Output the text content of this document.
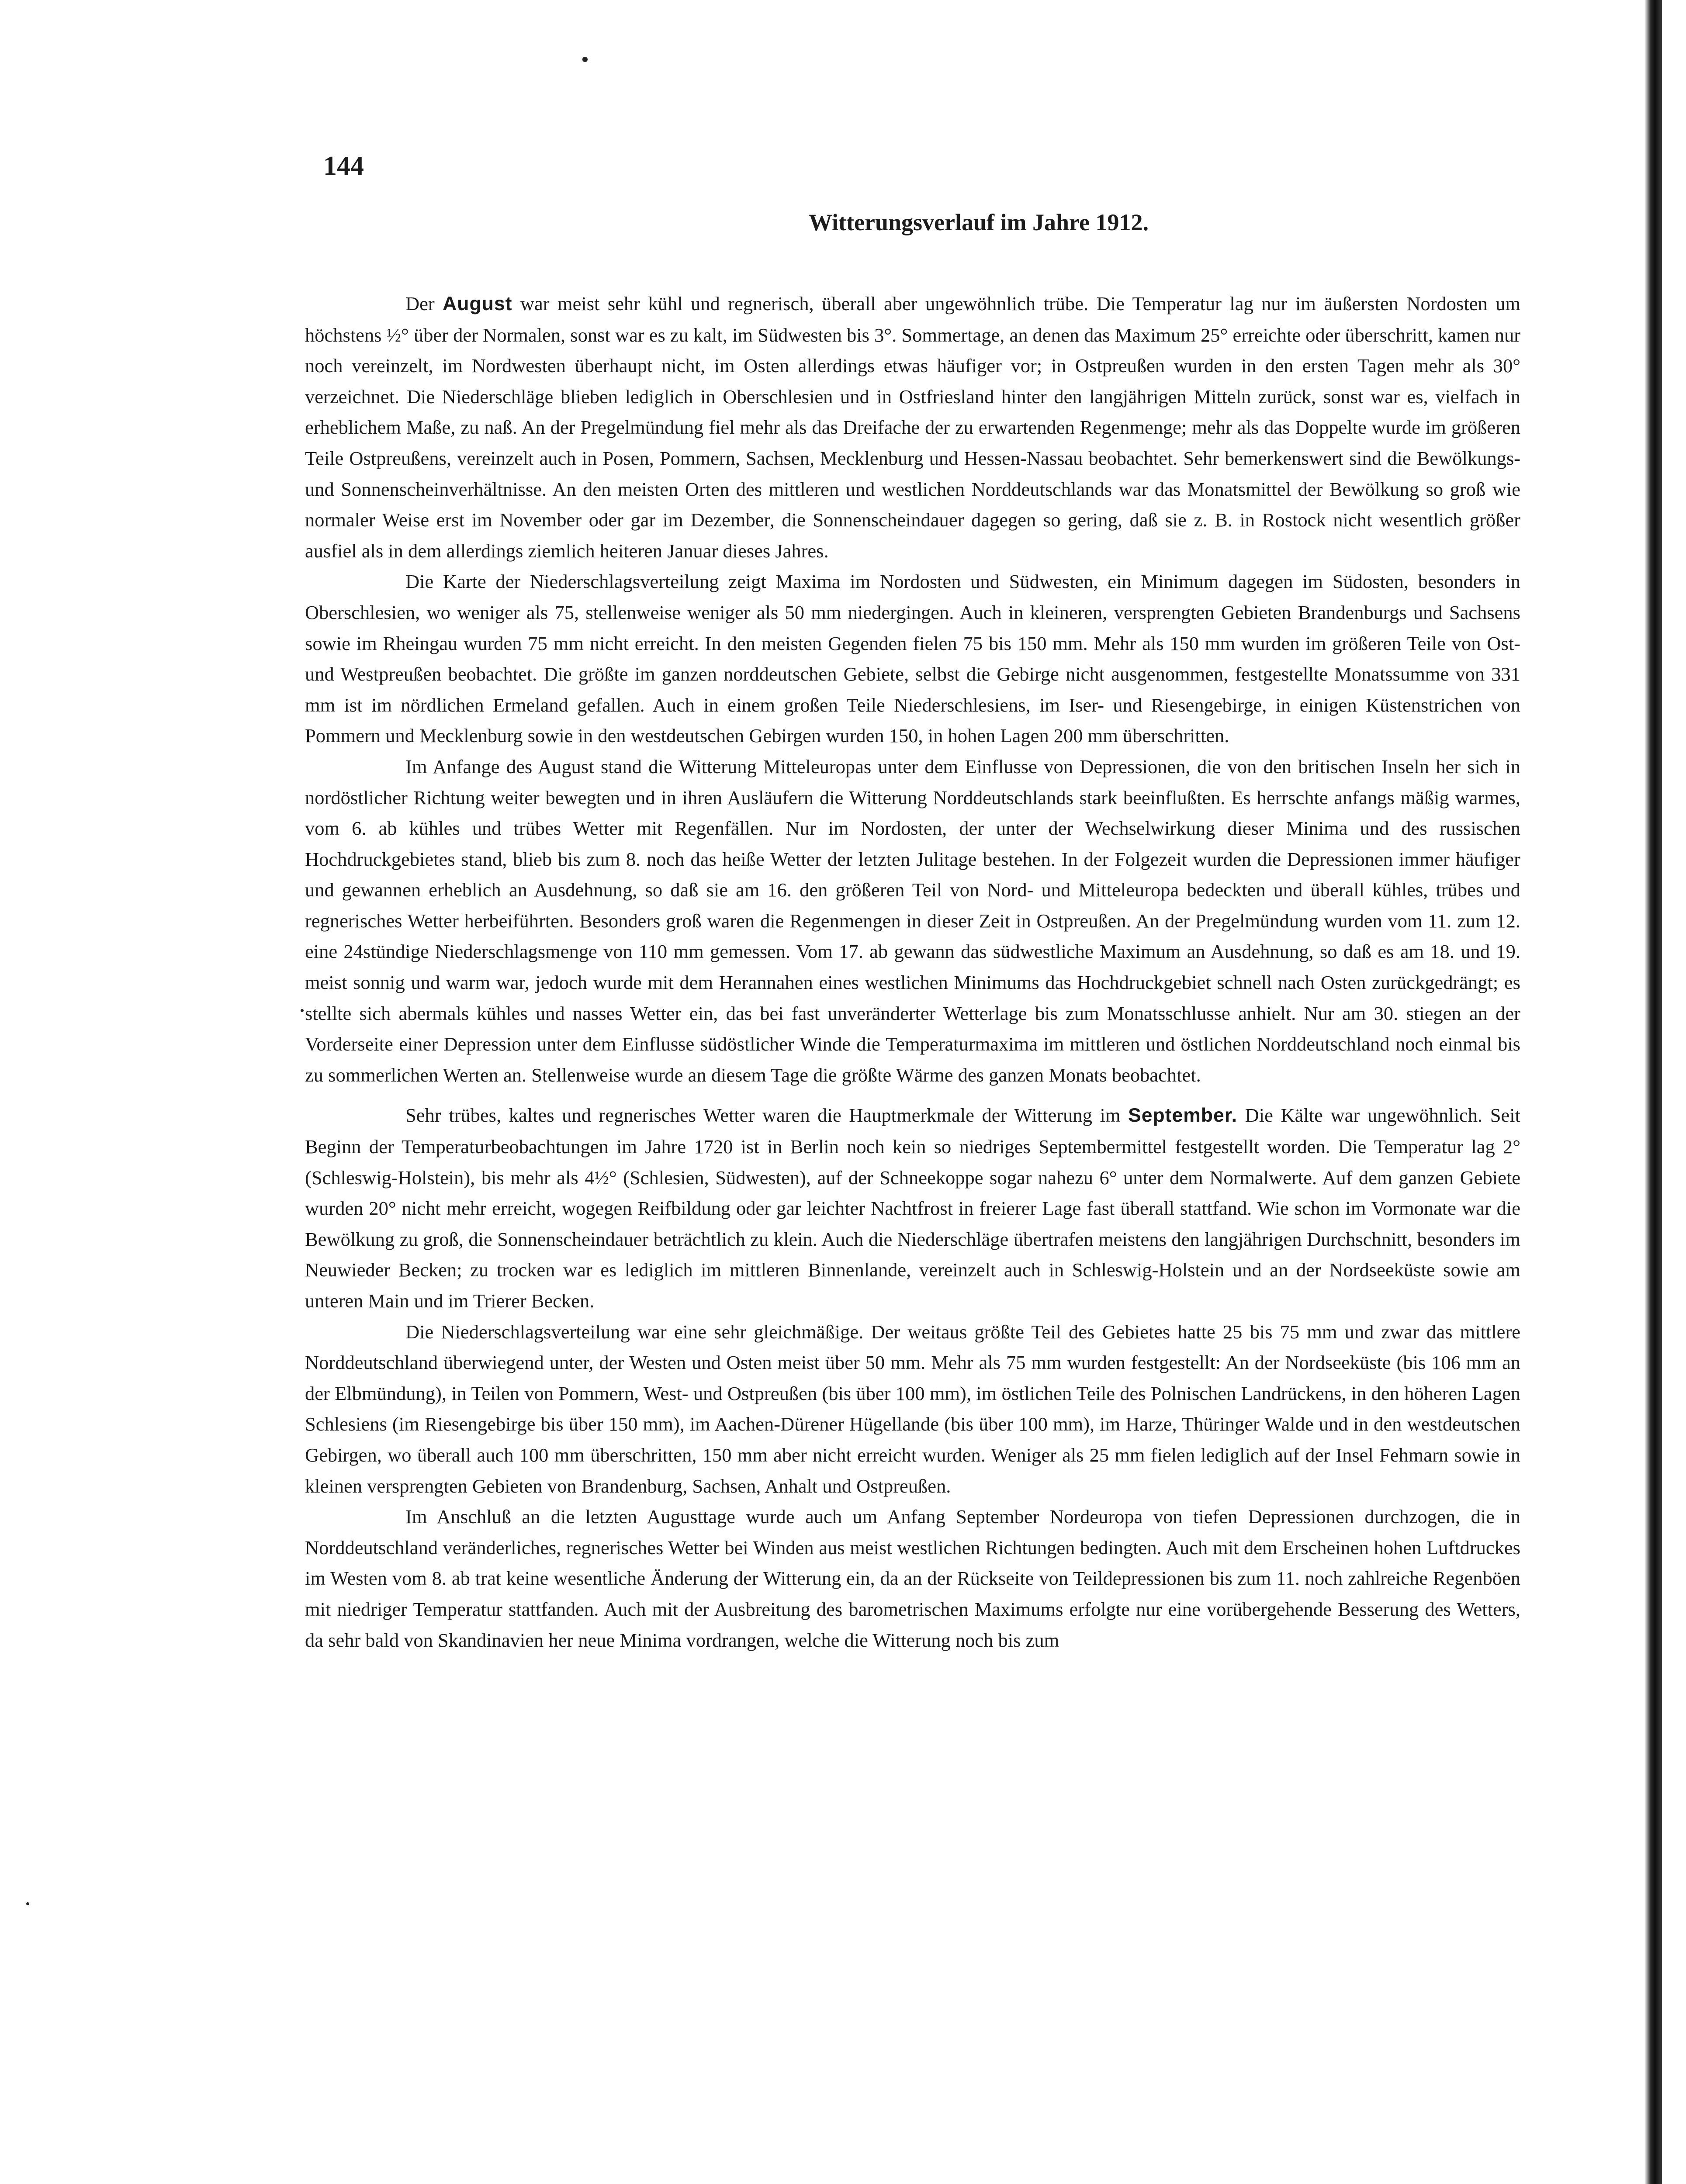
144
Witterungsverlauf im Jahre 1912.

Der August war meist sehr kühl und regnerisch, überall aber ungewöhnlich trübe. Die Temperatur lag nur im äußersten Nordosten um höchstens ½° über der Normalen, sonst war es zu kalt, im Südwesten bis 3°. Sommertage, an denen das Maximum 25° erreichte oder überschritt, kamen nur noch vereinzelt, im Nordwesten überhaupt nicht, im Osten allerdings etwas häufiger vor; in Ostpreußen wurden in den ersten Tagen mehr als 30° verzeichnet. Die Niederschläge blieben lediglich in Oberschlesien und in Ostfriesland hinter den langjährigen Mitteln zurück, sonst war es, vielfach in erheblichem Maße, zu naß. An der Pregelmündung fiel mehr als das Dreifache der zu erwartenden Regenmenge; mehr als das Doppelte wurde im größeren Teile Ostpreußens, vereinzelt auch in Posen, Pommern, Sachsen, Mecklenburg und Hessen-Nassau beobachtet. Sehr bemerkenswert sind die Bewölkungs- und Sonnenscheinverhältnisse. An den meisten Orten des mittleren und westlichen Norddeutschlands war das Monatsmittel der Bewölkung so groß wie normaler Weise erst im November oder gar im Dezember, die Sonnenscheindauer dagegen so gering, daß sie z. B. in Rostock nicht wesentlich größer ausfiel als in dem allerdings ziemlich heiteren Januar dieses Jahres.

Die Karte der Niederschlagsverteilung zeigt Maxima im Nordosten und Südwesten, ein Minimum dagegen im Südosten, besonders in Oberschlesien, wo weniger als 75, stellenweise weniger als 50 mm niedergingen. Auch in kleineren, versprengten Gebieten Brandenburgs und Sachsens sowie im Rheingau wurden 75 mm nicht erreicht. In den meisten Gegenden fielen 75 bis 150 mm. Mehr als 150 mm wurden im größeren Teile von Ost- und Westpreußen beobachtet. Die größte im ganzen norddeutschen Gebiete, selbst die Gebirge nicht ausgenommen, festgestellte Monatssumme von 331 mm ist im nördlichen Ermeland gefallen. Auch in einem großen Teile Niederschlesiens, im Iser- und Riesengebirge, in einigen Küstenstrichen von Pommern und Mecklenburg sowie in den westdeutschen Gebirgen wurden 150, in hohen Lagen 200 mm überschritten.

Im Anfange des August stand die Witterung Mitteleuropas unter dem Einflusse von Depressionen, die von den britischen Inseln her sich in nordöstlicher Richtung weiter bewegten und in ihren Ausläufern die Witterung Norddeutschlands stark beeinflußten. Es herrschte anfangs mäßig warmes, vom 6. ab kühles und trübes Wetter mit Regenfällen. Nur im Nordosten, der unter der Wechselwirkung dieser Minima und des russischen Hochdruckgebietes stand, blieb bis zum 8. noch das heiße Wetter der letzten Julitage bestehen. In der Folgezeit wurden die Depressionen immer häufiger und gewannen erheblich an Ausdehnung, so daß sie am 16. den größeren Teil von Nord- und Mitteleuropa bedeckten und überall kühles, trübes und regnerisches Wetter herbeiführten. Besonders groß waren die Regenmengen in dieser Zeit in Ostpreußen. An der Pregelmündung wurden vom 11. zum 12. eine 24stündige Niederschlagsmenge von 110 mm gemessen. Vom 17. ab gewann das südwestliche Maximum an Ausdehnung, so daß es am 18. und 19. meist sonnig und warm war, jedoch wurde mit dem Herannahen eines westlichen Minimums das Hochdruckgebiet schnell nach Osten zurückgedrängt; es stellte sich abermals kühles und nasses Wetter ein, das bei fast unveränderter Wetterlage bis zum Monatsschlusse anhielt. Nur am 30. stiegen an der Vorderseite einer Depression unter dem Einflusse südöstlicher Winde die Temperaturmaxima im mittleren und östlichen Norddeutschland noch einmal bis zu sommerlichen Werten an. Stellenweise wurde an diesem Tage die größte Wärme des ganzen Monats beobachtet.

Sehr trübes, kaltes und regnerisches Wetter waren die Hauptmerkmale der Witterung im September. Die Kälte war ungewöhnlich. Seit Beginn der Temperaturbeobachtungen im Jahre 1720 ist in Berlin noch kein so niedriges Septembermittel festgestellt worden. Die Temperatur lag 2° (Schleswig-Holstein), bis mehr als 4½° (Schlesien, Südwesten), auf der Schneekoppe sogar nahezu 6° unter dem Normalwerte. Auf dem ganzen Gebiete wurden 20° nicht mehr erreicht, wogegen Reifbildung oder gar leichter Nachtfrost in freierer Lage fast überall stattfand. Wie schon im Vormonate war die Bewölkung zu groß, die Sonnenscheindauer beträchtlich zu klein. Auch die Niederschläge übertrafen meistens den langjährigen Durchschnitt, besonders im Neuwieder Becken; zu trocken war es lediglich im mittleren Binnenlande, vereinzelt auch in Schleswig-Holstein und an der Nordseeküste sowie am unteren Main und im Trierer Becken.

Die Niederschlagsverteilung war eine sehr gleichmäßige. Der weitaus größte Teil des Gebietes hatte 25 bis 75 mm und zwar das mittlere Norddeutschland überwiegend unter, der Westen und Osten meist über 50 mm. Mehr als 75 mm wurden festgestellt: An der Nordseeküste (bis 106 mm an der Elbmündung), in Teilen von Pommern, West- und Ostpreußen (bis über 100 mm), im östlichen Teile des Polnischen Landrückens, in den höheren Lagen Schlesiens (im Riesengebirge bis über 150 mm), im Aachen-Dürener Hügellande (bis über 100 mm), im Harze, Thüringer Walde und in den westdeutschen Gebirgen, wo überall auch 100 mm überschritten, 150 mm aber nicht erreicht wurden. Weniger als 25 mm fielen lediglich auf der Insel Fehmarn sowie in kleinen versprengten Gebieten von Brandenburg, Sachsen, Anhalt und Ostpreußen.

Im Anschluß an die letzten Augusttage wurde auch um Anfang September Nordeuropa von tiefen Depressionen durchzogen, die in Norddeutschland veränderliches, regnerisches Wetter bei Winden aus meist westlichen Richtungen bedingten. Auch mit dem Erscheinen hohen Luftdruckes im Westen vom 8. ab trat keine wesentliche Änderung der Witterung ein, da an der Rückseite von Teildepressionen bis zum 11. noch zahlreiche Regenböen mit niedriger Temperatur stattfanden. Auch mit der Ausbreitung des barometrischen Maximums erfolgte nur eine vorübergehende Besserung des Wetters, da sehr bald von Skandinavien her neue Minima vordrangen, welche die Witterung noch bis zum
